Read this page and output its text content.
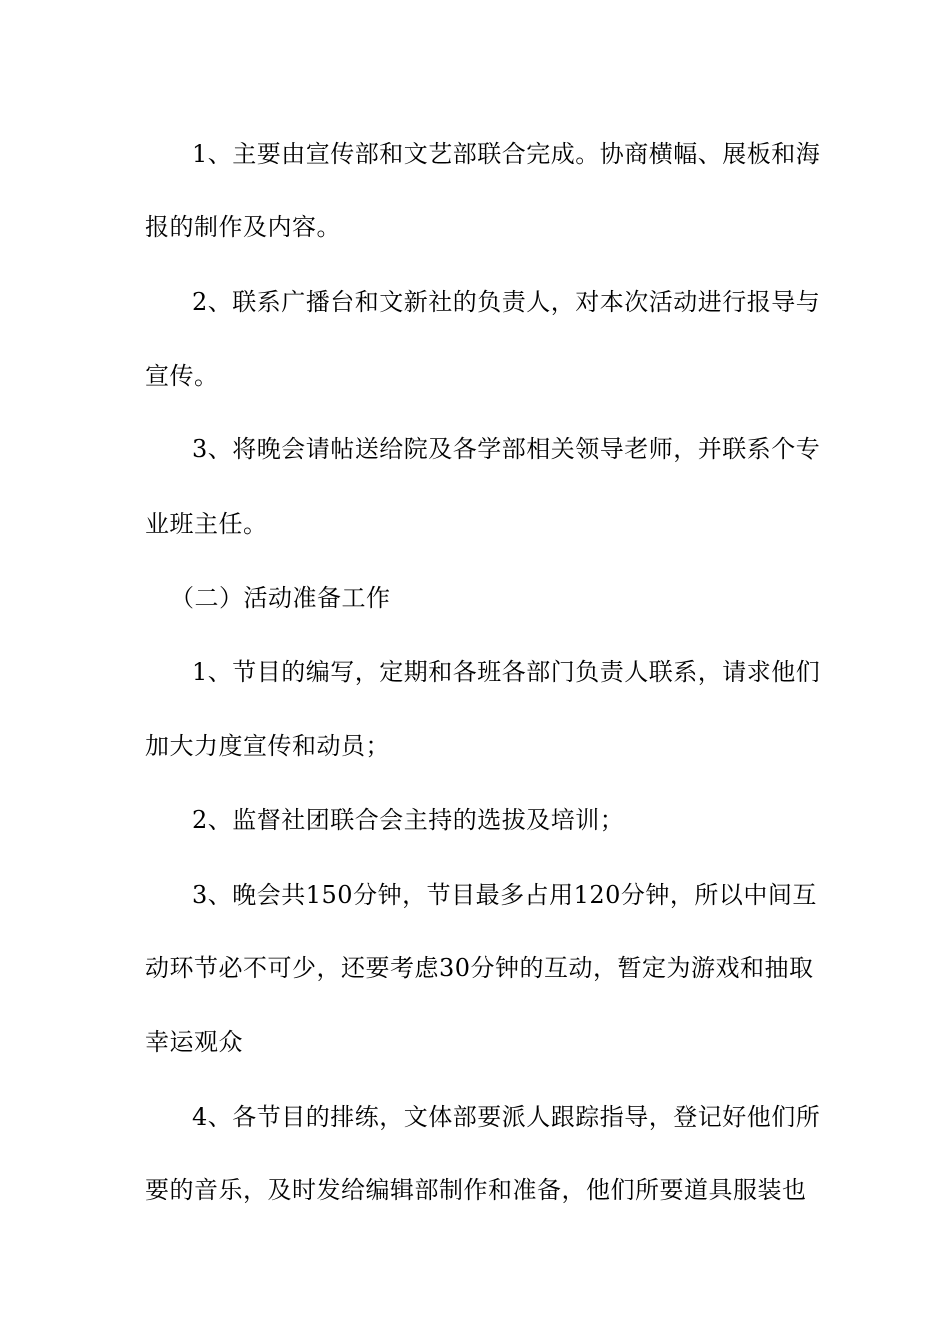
1、主要由宣传部和文艺部联合完成。协商横幅、展板和海
报的制作及内容。
2、联系广播台和文新社的负责人，对本次活动进行报导与
宣传。
3、将晚会请帖送给院及各学部相关领导老师，并联系个专
业班主任。
（二）活动准备工作
1、节目的编写，定期和各班各部门负责人联系，请求他们
加大力度宣传和动员；
2、监督社团联合会主持的选拔及培训；
3、晚会共150分钟，节目最多占用120分钟，所以中间互
动环节必不可少，还要考虑30分钟的互动，暂定为游戏和抽取
幸运观众
4、各节目的排练，文体部要派人跟踪指导，登记好他们所
要的音乐，及时发给编辑部制作和准备，他们所要道具服装也
